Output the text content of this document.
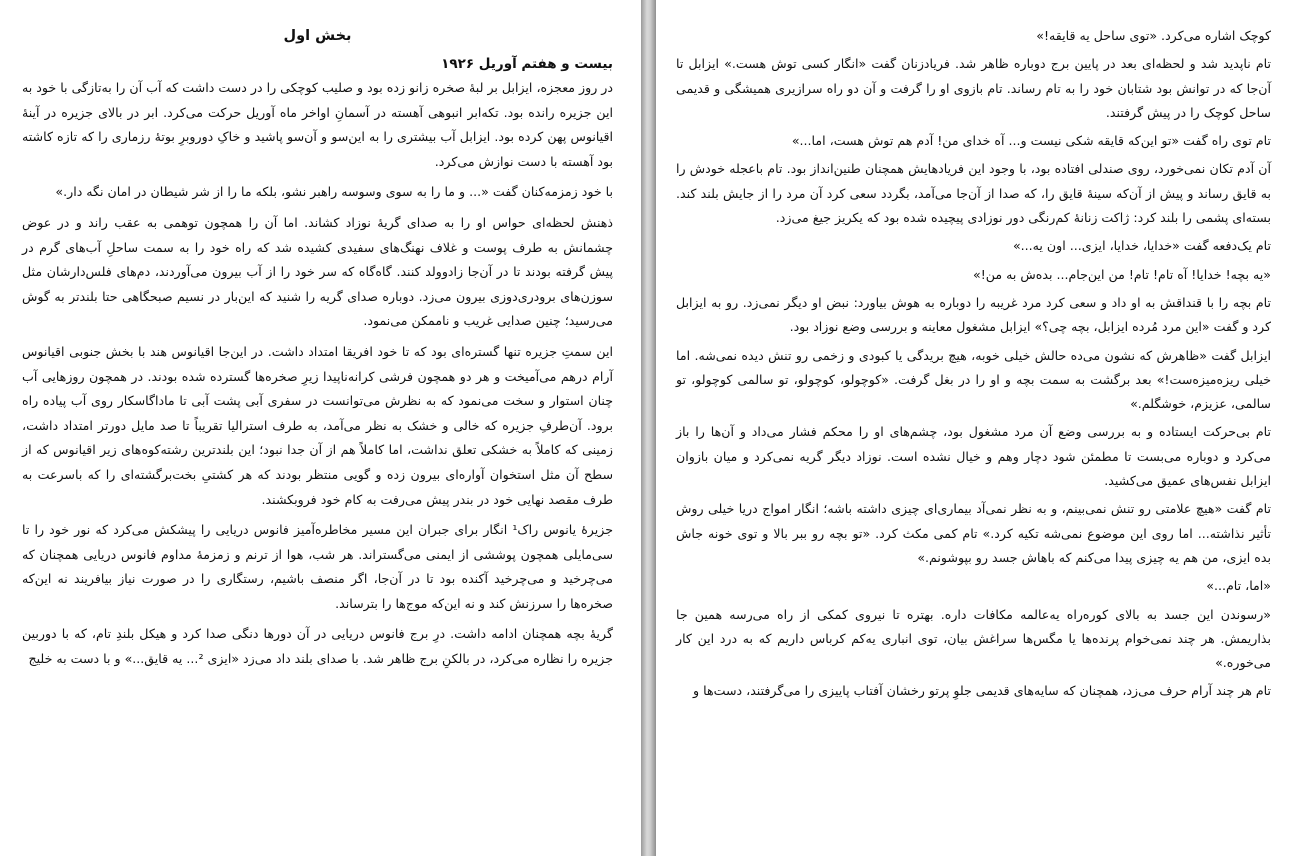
بخش اول
بیست و هفتم آوریل ۱۹۲۶

در روز معجزه، ایزابل بر لبهٔ صخره زانو زده بود و صلیب کوچکی را در دست داشت که آب آن را به‌تازگی با خود به این جزیره رانده بود. تکه‌ابر انبوهی آهسته در آسمانِ اواخر ماه آوریل حرکت می‌کرد. ابر در بالای جزیره در آینهٔ اقیانوس پهن کرده بود. ایزابل آب بیشتری را به این‌سو و آن‌سو پاشید و خاکِ دوروبرِ بوتهٔ رزماری را که تازه کاشته بود آهسته با دست نوازش می‌کرد.

با خود زمزمه‌کنان گفت «... و ما را به سوی وسوسه راهبر نشو، بلکه ما را از شر شیطان در امان نگه دار.»

ذهنش لحظه‌ای حواس او را به صدای گریهٔ نوزاد کشاند. اما آن را همچون توهمی به عقب راند و در عوض چشمانش به طرف پوست و غلاف نهنگ‌های سفیدی کشیده شد که راه خود را به سمت ساحلِ آب‌های گرم در پیش گرفته بودند تا در آن‌جا زادوولد کنند. گاه‌گاه که سر خود را از آب بیرون می‌آوردند، دم‌های فلس‌دارشان مثل سوزن‌های برودری‌دوزی بیرون می‌زد. دوباره صدای گریه را شنید که این‌بار در نسیم صبحگاهی حتا بلندتر به گوش می‌رسید؛ چنین صدایی غریب و ناممکن می‌نمود.

این سمتِ جزیره تنها گستره‌ای بود که تا خود افریقا امتداد داشت. در این‌جا اقیانوس هند با بخش جنوبی اقیانوس آرام درهم می‌آمیخت و هر دو همچون فرشی کرانه‌ناپیدا زیرِ صخره‌ها گسترده شده بودند. در همچون روزهایی آب چنان استوار و سخت می‌نمود که به نظرش می‌توانست در سفری آبی پشت آبی تا ماداگاسکار روی آب پیاده راه برود. آن‌طرفِ جزیره که خالی و خشک به نظر می‌آمد، به طرف استرالیا تقریباً تا صد مایل دورتر امتداد داشت، زمینی که کاملاً به خشکی تعلق نداشت، اما کاملاً هم از آن جدا نبود؛ این بلندترین رشته‌کوه‌های زیر اقیانوس که از سطح آن مثل استخوان آواره‌ای بیرون زده و گویی منتظر بودند که هر کشتیِ بخت‌برگشته‌ای را که باسرعت به طرف مقصد نهایی خود در بندر پیش می‌رفت به کام خود فروبکشند.

جزیرهٔ یانوس راک¹ انگار برای جبران این مسیر مخاطره‌آمیز فانوس دریایی را پیشکش می‌کرد که نور خود را تا سی‌مایلی همچون پوششی از ایمنی می‌گستراند. هر شب، هوا از ترنم و زمزمهٔ مداوم فانوس دریایی همچنان که می‌چرخید و می‌چرخید آکنده بود تا در آن‌جا، اگر منصف باشیم، رستگاری را در صورت نیاز بیافریند نه این‌که صخره‌ها را سرزنش کند و نه این‌که موج‌ها را بترساند.

گریهٔ بچه همچنان ادامه داشت. درِ برج فانوس دریایی در آن دورها دنگی صدا کرد و هیکل بلندِ تام، که با دوربین جزیره را نظاره می‌کرد، در بالکنِ برج ظاهر شد. با صدای بلند داد می‌زد «ایزی ²... یه قایق...» و با دست به خلیج

کوچک اشاره می‌کرد. «توی ساحل یه قایقه!»

تام ناپدید شد و لحظه‌ای بعد در پایین برج دوباره ظاهر شد. فریادزنان گفت «انگار کسی توش هست.» ایزابل تا آن‌جا که در توانش بود شتابان خود را به تام رساند. تام بازوی او را گرفت و آن دو راه سرازیری همیشگی و قدیمی ساحل کوچک را در پیش گرفتند.

تام توی راه گفت «تو این‌که قایقه شکی نیست و... آه خدای من! آدم هم توش هست، اما...»

آن آدم تکان نمی‌خورد، روی صندلی افتاده بود، با وجود این فریادهایش همچنان طنین‌انداز بود. تام باعجله خودش را به قایق رساند و پیش از آن‌که سینهٔ قایق را، که صدا از آن‌جا می‌آمد، بگردد سعی کرد آن مرد را از جایش بلند کند. بسته‌ای پشمی را بلند کرد: ژاکت زنانهٔ کم‌رنگی دور نوزادی پیچیده شده بود که یکریز جیغ می‌زد.

تام یک‌دفعه گفت «خدایا، خدایا، ایزی... اون یه...»

«یه بچه! خدایا! آه تام! تام! من این‌جام... بده‌ش به من!»

تام بچه را با قنداقش به او داد و سعی کرد مرد غریبه را دوباره به هوش بیاورد: نبض او دیگر نمی‌زد. رو به ایزابل کرد و گفت «این مرد مُرده ایزابل، بچه چی؟» ایزابل مشغول معاینه و بررسی وضع نوزاد بود.

ایزابل گفت «ظاهرش که نشون می‌ده حالش خیلی خوبه، هیچ بریدگی یا کبودی و زخمی رو تنش دیده نمی‌شه. اما خیلی ریزه‌میزه‌ست!» بعد برگشت به سمت بچه و او را در بغل گرفت. «کوچولو، کوچولو، تو سالمی کوچولو، تو سالمی، عزیزم، خوشگلم.»

تام بی‌حرکت ایستاده و به بررسی وضع آن مرد مشغول بود، چشم‌های او را محکم فشار می‌داد و آن‌ها را باز می‌کرد و دوباره می‌بست تا مطمئن شود دچار وهم و خیال نشده است. نوزاد دیگر گریه نمی‌کرد و میان بازوان ایزابل نفس‌های عمیق می‌کشید.

تام گفت «هیچ علامتی رو تنش نمی‌بینم، و به نظر نمی‌آد بیماری‌ای چیزی داشته باشه؛ انگار امواج دریا خیلی روش تأثیر نذاشته... اما روی این موضوع نمی‌شه تکیه کرد.» تام کمی مکث کرد. «تو بچه رو ببر بالا و توی خونه جاش بده ایزی، من هم یه چیزی پیدا می‌کنم که باهاش جسد رو بپوشونم.»

«اما، تام...»

«رسوندن این جسد به بالای کوره‌راه یه‌عالمه مکافات داره. بهتره تا نیروی کمکی از راه می‌رسه همین جا بذاریمش. هر چند نمی‌خوام پرنده‌ها یا مگس‌ها سراغش بیان، توی انباری یه‌کم کرباس داریم که به درد این کار می‌خوره.»

تام هر چند آرام حرف می‌زد، همچنان که سایه‌های قدیمی جلوِ پرتو رخشان آفتاب پاییزی را می‌گرفتند، دست‌ها و
